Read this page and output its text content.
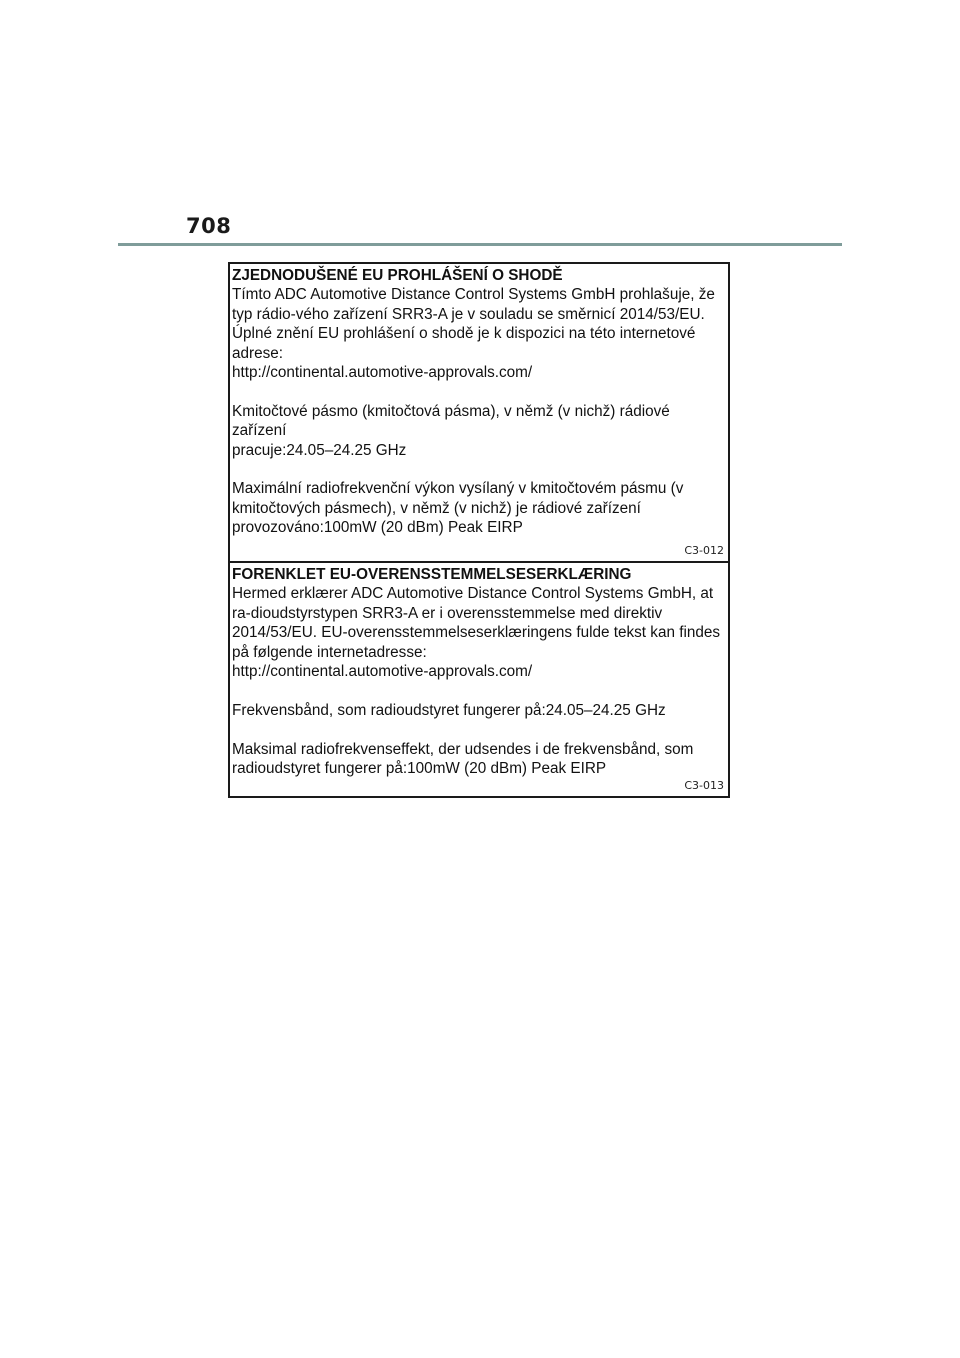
708
ZJEDNODUŠENÉ EU PROHLÁŠENÍ O SHODĚ
Tímto ADC Automotive Distance Control Systems GmbH prohlašuje, že
typ rádio-vého zařízení SRR3-A je v souladu se směrnicí 2014/53/EU.
Úplné znění EU prohlášení o shodě je k dispozici na této internetové
adrese:
http://continental.automotive-approvals.com/
Kmitočtové pásmo (kmitočtová pásma), v němž (v nichž) rádiové zařízení
pracuje:24.05–24.25 GHz
Maximální radiofrekvenční výkon vysílaný v kmitočtovém pásmu (v
kmitočtových pásmech), v němž (v nichž) je rádiové zařízení
provozováno:100mW (20 dBm) Peak EIRP
C3-012
FORENKLET EU-OVERENSSTEMMELSESERKLÆRING
Hermed erklærer ADC Automotive Distance Control Systems GmbH, at
ra-dioudstyrstypen SRR3-A er i overensstemmelse med direktiv
2014/53/EU. EU-overensstemmelseserklæringens fulde tekst kan findes
på følgende internetadresse:
http://continental.automotive-approvals.com/
Frekvensbånd, som radioudstyret fungerer på:24.05–24.25 GHz
Maksimal radiofrekvenseffekt, der udsendes i de frekvensbånd, som
radioudstyret fungerer på:100mW (20 dBm) Peak EIRP
C3-013
